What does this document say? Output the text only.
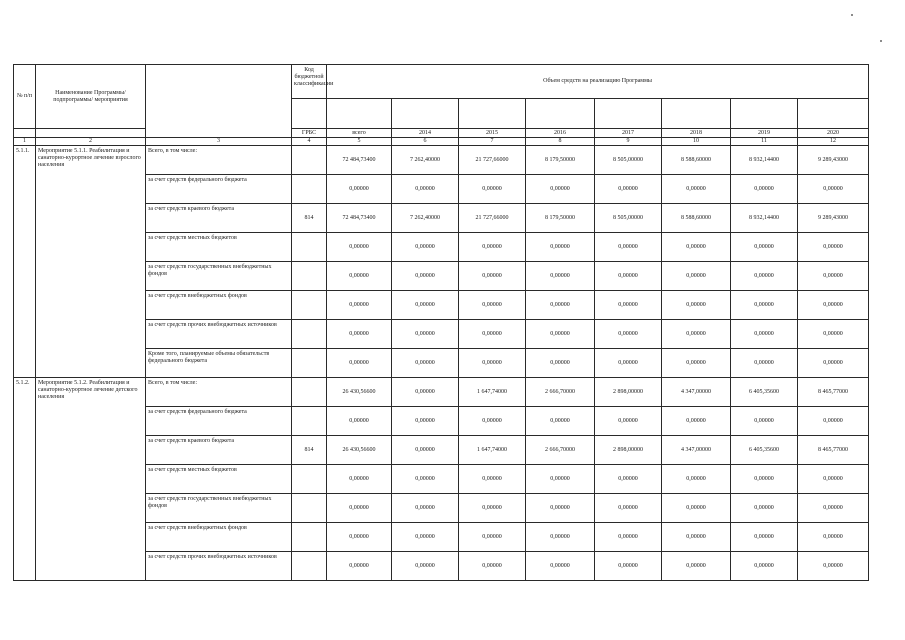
№ п/п	Наименование Программы/ подпрограммы/ мероприятия		Код бюджетной классификации	Объем средств на реализацию Программы							

			ГРБС	всего	2014	2015	2016	2017	2018	2019	2020
1	2	3	4	5	6	7	8	9	10	11	12
5.1.1.	Мероприятие 5.1.1. Реабилитация и санаторно-курортное лечение взрослого населения	Всего, в том числе:		72 484,73400	7 262,40000	21 727,66000	8 179,50000	8 505,00000	8 588,60000	8 932,14400	9 289,43000
		за счет средств федерального бюджета		0,00000	0,00000	0,00000	0,00000	0,00000	0,00000	0,00000	0,00000
		за счет средств краевого бюджета	814	72 484,73400	7 262,40000	21 727,66000	8 179,50000	8 505,00000	8 588,60000	8 932,14400	9 289,43000
		за счет средств местных бюджетов		0,00000	0,00000	0,00000	0,00000	0,00000	0,00000	0,00000	0,00000
		за счет средств государственных внебюджетных фондов		0,00000	0,00000	0,00000	0,00000	0,00000	0,00000	0,00000	0,00000
		за счет средств внебюджетных фондов		0,00000	0,00000	0,00000	0,00000	0,00000	0,00000	0,00000	0,00000
		за счет средств прочих внебюджетных источников		0,00000	0,00000	0,00000	0,00000	0,00000	0,00000	0,00000	0,00000
		Кроме того, планируемые объемы обязательств федерального бюджета		0,00000	0,00000	0,00000	0,00000	0,00000	0,00000	0,00000	0,00000
5.1.2.	Мероприятие 5.1.2. Реабилитация и санаторно-курортное лечение детского населения	Всего, в том числе:		26 430,56600	0,00000	1 647,74000	2 666,70000	2 898,00000	4 347,00000	6 405,35600	8 465,77000
		за счет средств федерального бюджета		0,00000	0,00000	0,00000	0,00000	0,00000	0,00000	0,00000	0,00000
		за счет средств краевого бюджета	814	26 430,56600	0,00000	1 647,74000	2 666,70000	2 898,00000	4 347,00000	6 405,35600	8 465,77000
		за счет средств местных бюджетов		0,00000	0,00000	0,00000	0,00000	0,00000	0,00000	0,00000	0,00000
		за счет средств государственных внебюджетных фондов		0,00000	0,00000	0,00000	0,00000	0,00000	0,00000	0,00000	0,00000
		за счет средств внебюджетных фондов		0,00000	0,00000	0,00000	0,00000	0,00000	0,00000	0,00000	0,00000
		за счет средств прочих внебюджетных источников		0,00000	0,00000	0,00000	0,00000	0,00000	0,00000	0,00000	0,00000
